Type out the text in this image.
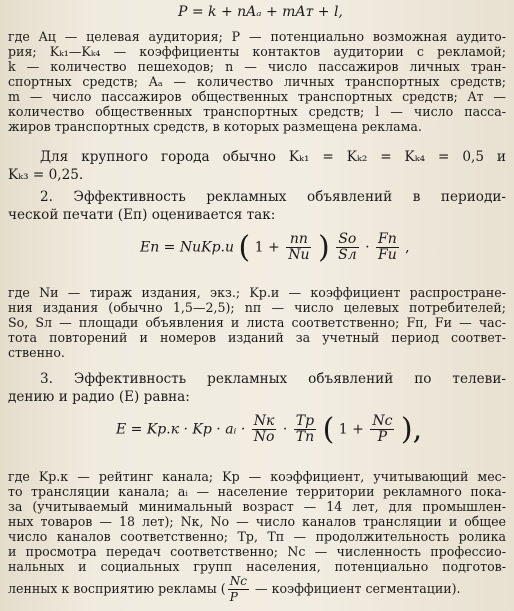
P = k + nAₐ + mAᴛ + l,
где Aц — целевая аудитория; P — потенциально возможная аудито-
рия; Kₖ₁—Kₖ₄ — коэффициенты контактов аудитории с рекламой;
k — количество пешеходов; n — число пассажиров личных тран-
спортных средств; Aₐ — количество личных транспортных средств;
m — число пассажиров общественных транспортных средств; Aᴛ —
количество общественных транспортных средств; l — число пасса-
жиров транспортных средств, в которых размещена реклама.
Для крупного города обычно Kₖ₁ = Kₖ₂ = Kₖ₄ = 0,5 и
Kₖ₃ = 0,25.
2. Эффективность рекламных объявлений в периоди-
ческой печати (Eп) оценивается так:
Eп = NиKр.и ( $1 + \frac{nп}{Nи}$ ) $\frac{Sо}{Sл} \cdot \frac{Fп}{Fи}$ ,
где Nи — тираж издания, экз.; Kр.и — коэффициент распростране-
ния издания (обычно 1,5—2,5); nп — число целевых потребителей;
Sо, Sл — площади объявления и листа соответственно; Fп, Fи — час-
тота повторений и номеров изданий за учетный период соответ-
ственно.
3. Эффективность рекламных объявлений по телеви-
дению и радио (E) равна:
E = Kр.к · Kр · aᵢ · $\frac{Nк}{Nо} \cdot \frac{Tр}{Tп}$ ( $1 + \frac{Nс}{P}$ ),
где Kр.к — рейтинг канала; Kр — коэффициент, учитывающий мес-
то трансляции канала; aᵢ — население территории рекламного пока-
за (учитываемый минимальный возраст — 14 лет, для промышлен-
ных товаров — 18 лет); Nк, Nо — число каналов трансляции и общее
число каналов соответственно; Tр, Tп — продолжительность ролика
и просмотра передач соответственно; Nс — численность профессио-
нальных и социальных групп населения, потенциально подготов-
ленных к восприятию рекламы ( $\frac{Nс}{P}$ — коэффициент сегментации).
